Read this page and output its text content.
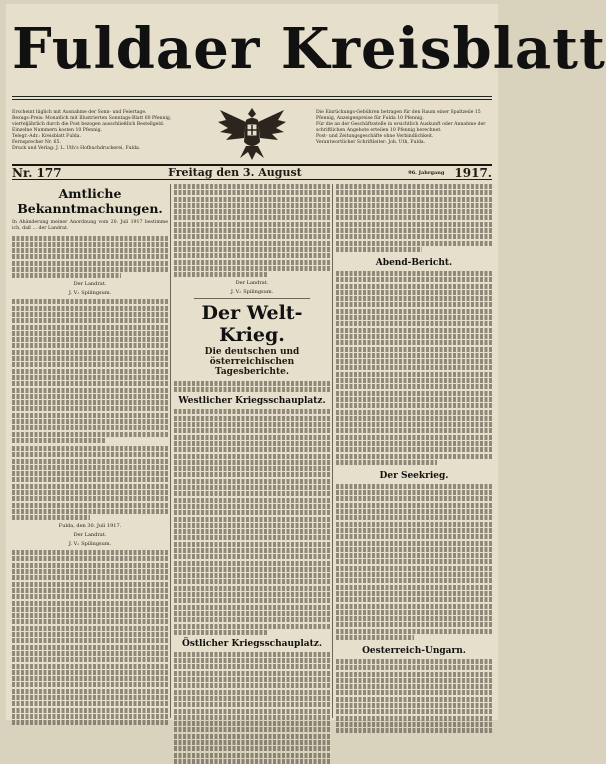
Fuldaer Kreisblatt
Erscheint täglich mit Ausnahme der Sonn- und Feiertage.
Bezugs-Preis: Monatlich mit Illustrierten Sonntags-Blatt 60 Pfennig, vierteljährlich durch die Post bezogen ausschließlich Bestellgeld.
Einzelne Nummern kosten 10 Pfennig.
Telegr.-Adr.: Kreisblatt Fulda.
Fernsprecher Nr. 65.
Druck und Verlag: J. L. Uth's Hofbuchdruckerei, Fulda.
Die Einrückungs-Gebühren betragen für den Raum einer Spaltzeile 15 Pfennig, Anzeigenpreise für Fulda 10 Pfennig.
Für die an der Geschäftsstelle in ersichtlich Auskunft oder Annahme der schriftlichen Angebote erteilen 10 Pfennig berechnet.
Post- und Zeitungsgeschäfte ohne Verbindlichkeit.
Verantwortlicher Schriftleiter: Joh. Uth, Fulda.
Nr. 177	Freitag den 3. August	96. Jahrgang 1917.
Amtliche Bekanntmachungen.
In Abänderung meiner Anordnung vom 20. Juli 1917 bestimme ich, daß ... der Landrat.
Der Landrat.
J. V.: Spilingsum.
Fulda, den 30. Juli 1917.
Der Landrat.
J. V.: Spilingsum.
Der Landrat.
J. V.: Spilingsum.
Der Welt-Krieg.
Die deutschen und österreichischen Tagesberichte.
Westlicher Kriegsschauplatz.
Östlicher Kriegsschauplatz.
Abend-Bericht.
Der Seekrieg.
Oesterreich-Ungarn.
